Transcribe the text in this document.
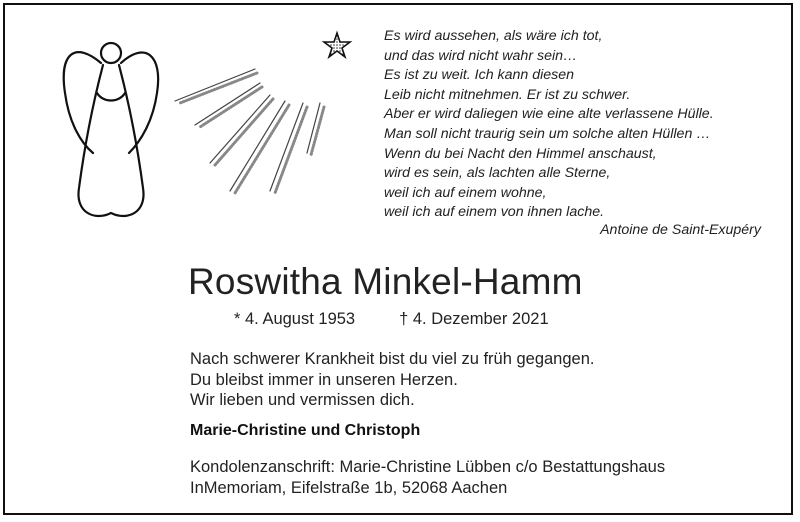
Es wird aussehen, als wäre ich tot,
und das wird nicht wahr sein…
Es ist zu weit. Ich kann diesen
Leib nicht mitnehmen. Er ist zu schwer.
Aber er wird daliegen wie eine alte verlassene Hülle.
Man soll nicht traurig sein um solche alten Hüllen …
Wenn du bei Nacht den Himmel anschaust,
wird es sein, als lachten alle Sterne,
weil ich auf einem wohne,
weil ich auf einem von ihnen lache.
Antoine de Saint-Exupéry
Roswitha Minkel-Hamm
* 4. August 1953	† 4. Dezember 2021
Nach schwerer Krankheit bist du viel zu früh gegangen.
Du bleibst immer in unseren Herzen.
Wir lieben und vermissen dich.
Marie-Christine und Christoph
Kondolenzanschrift: Marie-Christine Lübben c/o Bestattungshaus
InMemoriam, Eifelstraße 1b, 52068 Aachen
